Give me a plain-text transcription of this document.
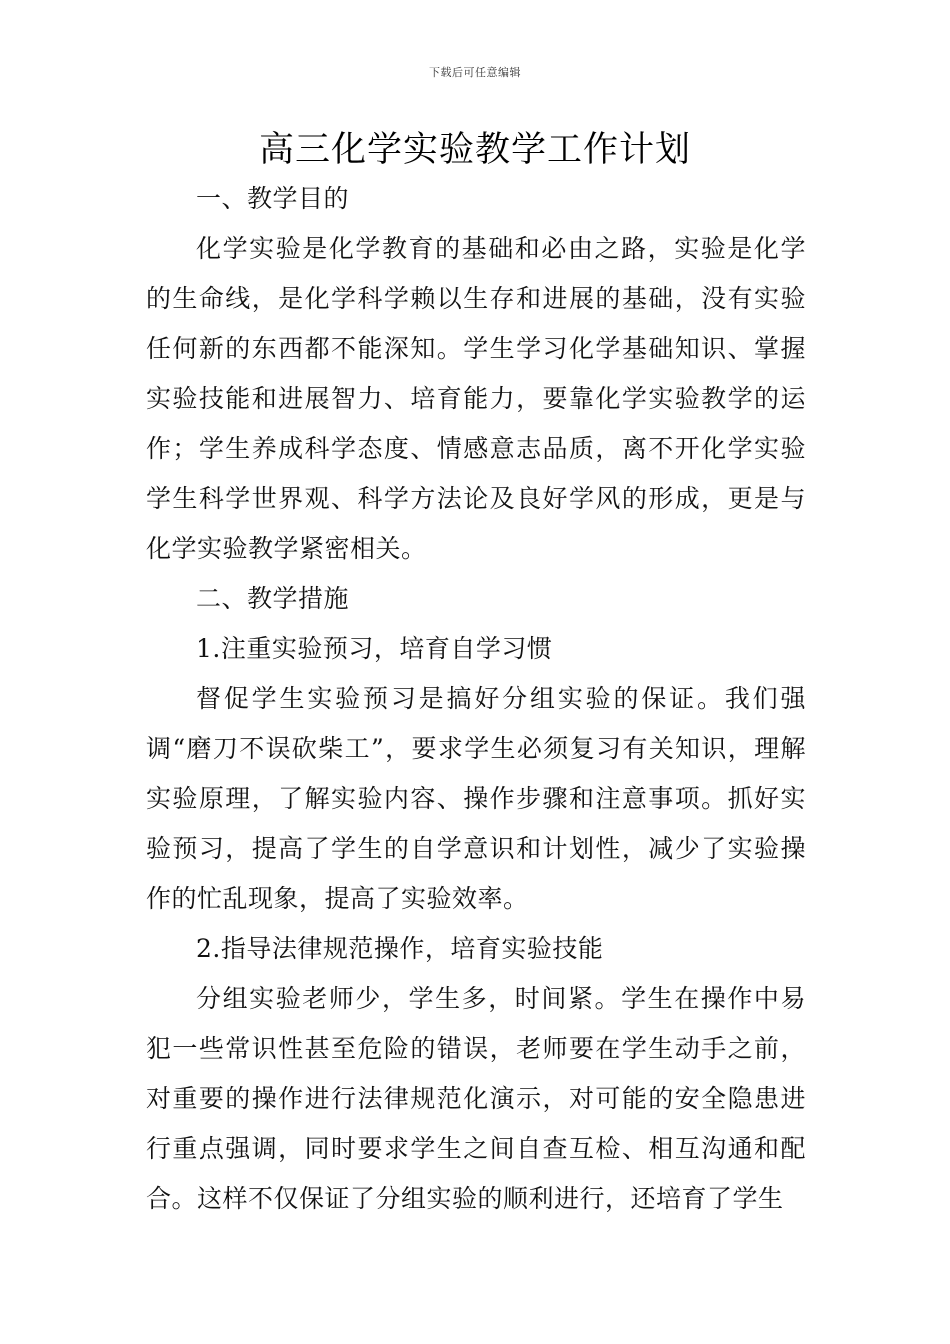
下载后可任意编辑
高三化学实验教学工作计划

一、教学目的

化学实验是化学教育的基础和必由之路，实验是化学的生命线，是化学科学赖以生存和进展的基础，没有实验任何新的东西都不能深知。学生学习化学基础知识、掌握实验技能和进展智力、培育能力，要靠化学实验教学的运作；学生养成科学态度、情感意志品质，离不开化学实验学生科学世界观、科学方法论及良好学风的形成，更是与化学实验教学紧密相关。

二、教学措施

1.注重实验预习，培育自学习惯

督促学生实验预习是搞好分组实验的保证。我们强调“磨刀不误砍柴工”，要求学生必须复习有关知识，理解实验原理，了解实验内容、操作步骤和注意事项。抓好实验预习，提高了学生的自学意识和计划性，减少了实验操作的忙乱现象，提高了实验效率。

2.指导法律规范操作，培育实验技能

分组实验老师少，学生多，时间紧。学生在操作中易犯一些常识性甚至危险的错误，老师要在学生动手之前，对重要的操作进行法律规范化演示，对可能的安全隐患进行重点强调，同时要求学生之间自查互检、相互沟通和配合。这样不仅保证了分组实验的顺利进行，还培育了学生
